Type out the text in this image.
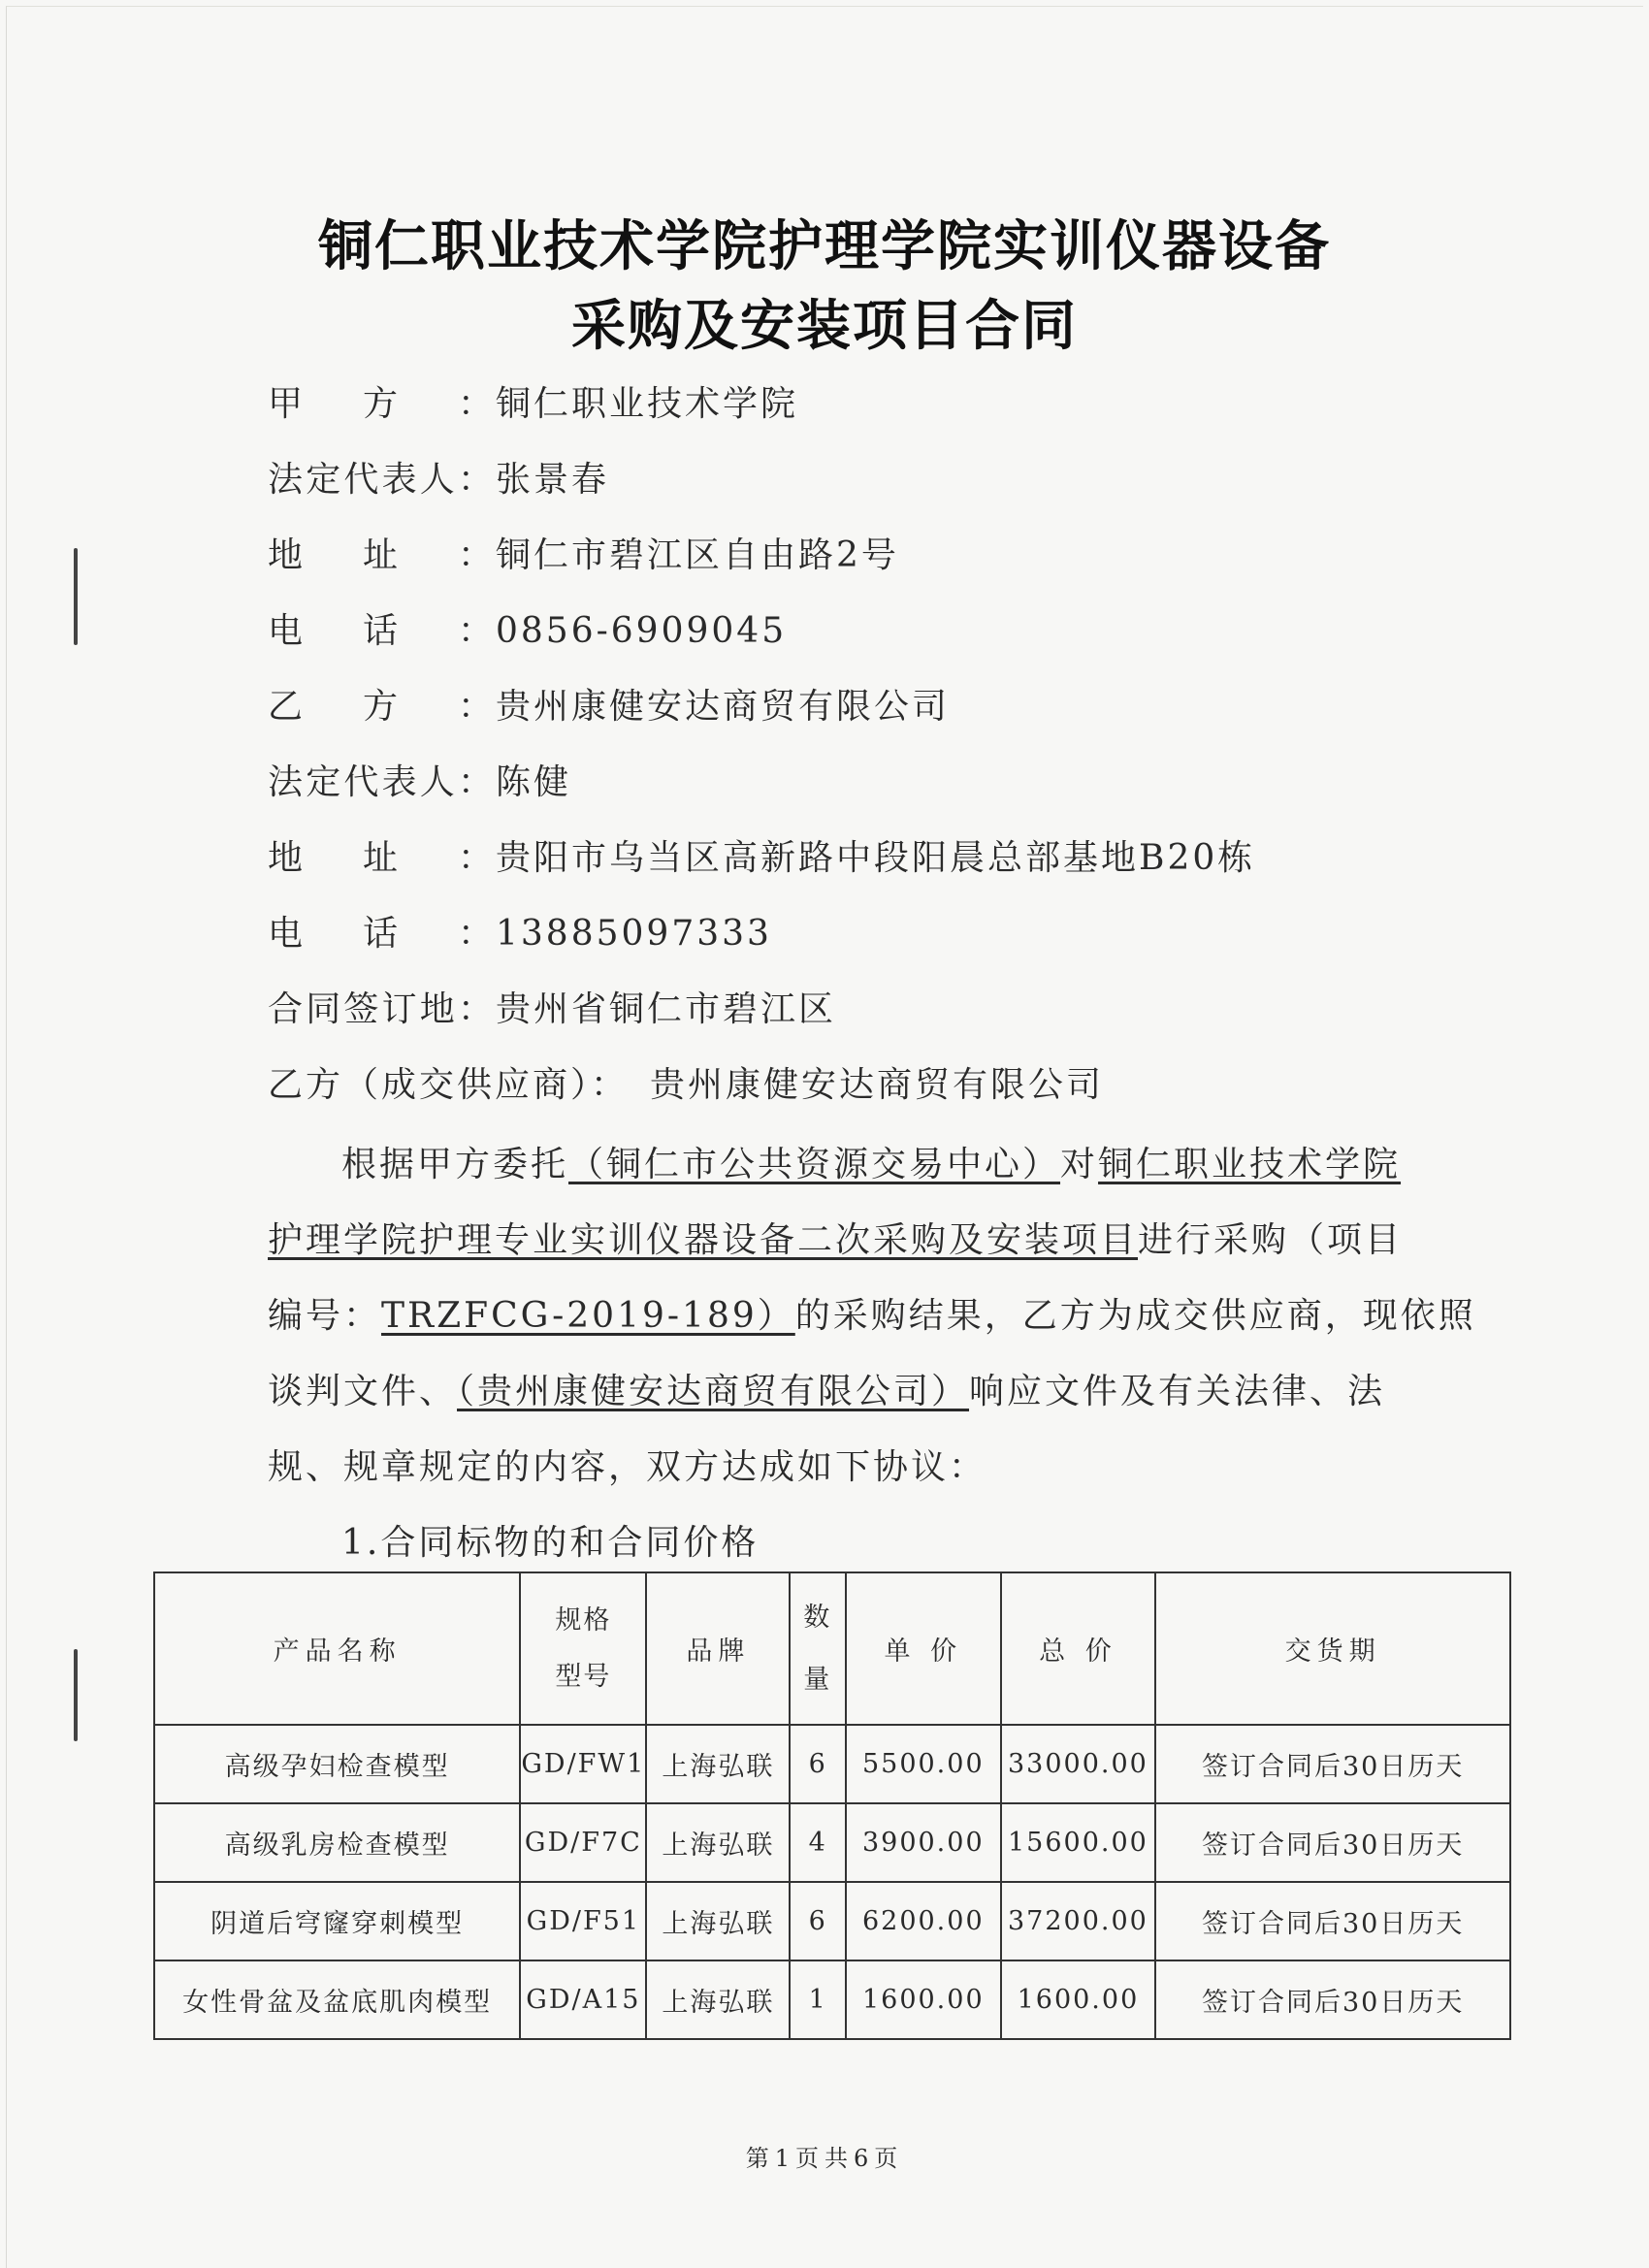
铜仁职业技术学院护理学院实训仪器设备
采购及安装项目合同
甲方：铜仁职业技术学院
法定代表人：张景春
地址：铜仁市碧江区自由路2号
电话：0856-6909045
乙方：贵州康健安达商贸有限公司
法定代表人：陈健
地址：贵阳市乌当区高新路中段阳晨总部基地B20栋
电话：13885097333
合同签订地：贵州省铜仁市碧江区
乙方（成交供应商）： 贵州康健安达商贸有限公司
根据甲方委托（铜仁市公共资源交易中心）对铜仁职业技术学院
护理学院护理专业实训仪器设备二次采购及安装项目进行采购（项目
编号：TRZFCG-2019-189）的采购结果，乙方为成交供应商，现依照
谈判文件、（贵州康健安达商贸有限公司）响应文件及有关法律、法
规、规章规定的内容，双方达成如下协议：
1.合同标物的和合同价格
产品名称	规格型号	品牌	数量	单 价	总 价	交货期
高级孕妇检查模型	GD/FW1	上海弘联	6	5500.00	33000.00	签订合同后30日历天
高级乳房检查模型	GD/F7C	上海弘联	4	3900.00	15600.00	签订合同后30日历天
阴道后穹窿穿刺模型	GD/F51	上海弘联	6	6200.00	37200.00	签订合同后30日历天
女性骨盆及盆底肌肉模型	GD/A15	上海弘联	1	1600.00	1600.00	签订合同后30日历天
第1页共6页
